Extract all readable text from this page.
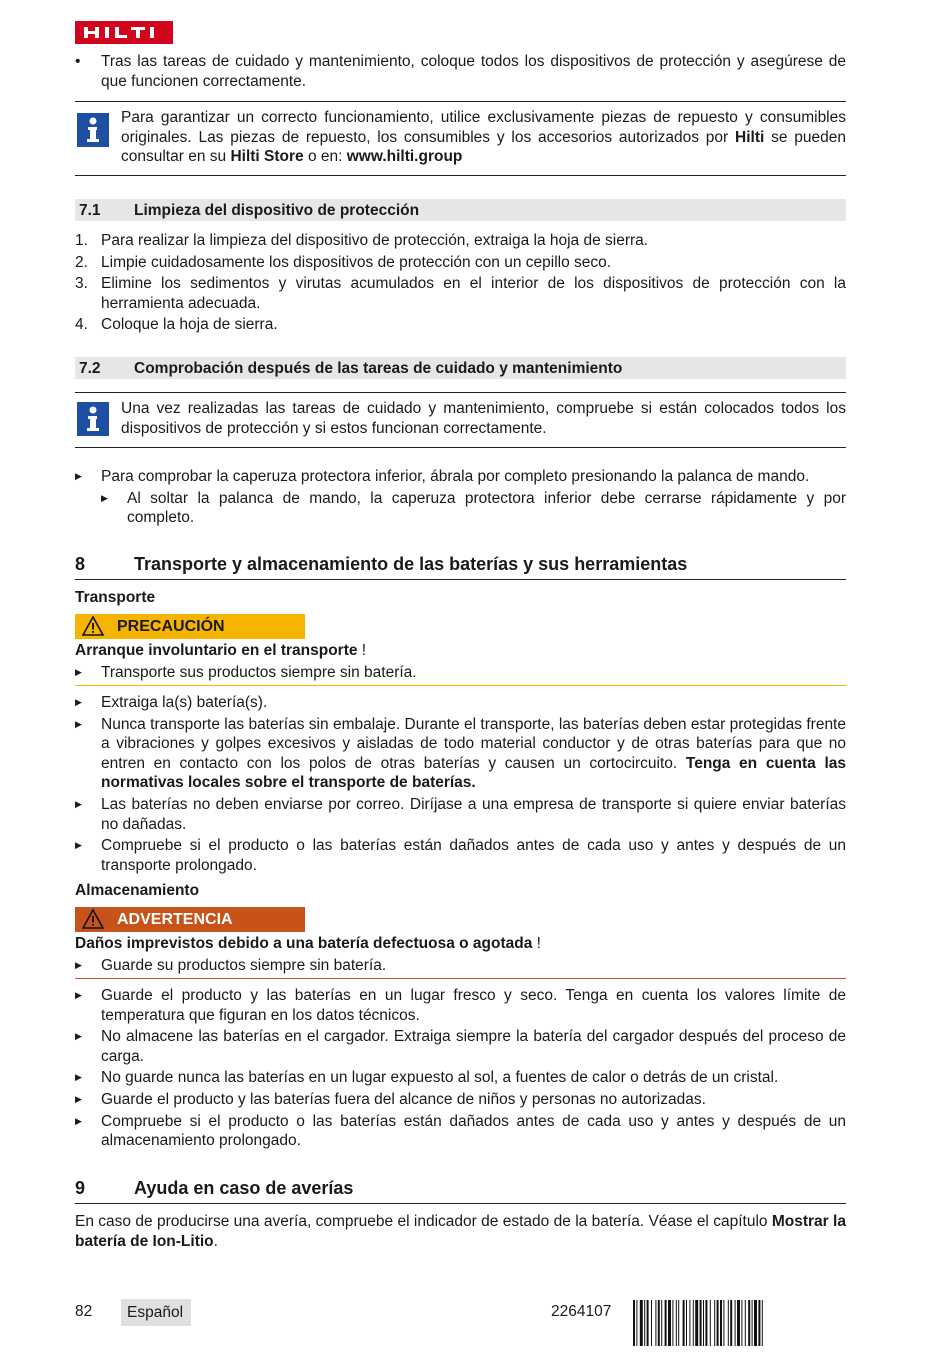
•	Tras las tareas de cuidado y mantenimiento, coloque todos los dispositivos de protección y asegúrese de que funcionen correctamente.
Para garantizar un correcto funcionamiento, utilice exclusivamente piezas de repuesto y consumibles originales. Las piezas de repuesto, los consumibles y los accesorios autorizados por Hilti se pueden consultar en su Hilti Store o en: www.hilti.group
7.1 Limpieza del dispositivo de protección
1. Para realizar la limpieza del dispositivo de protección, extraiga la hoja de sierra.
2. Limpie cuidadosamente los dispositivos de protección con un cepillo seco.
3. Elimine los sedimentos y virutas acumulados en el interior de los dispositivos de protección con la herramienta adecuada.
4. Coloque la hoja de sierra.
7.2 Comprobación después de las tareas de cuidado y mantenimiento
Una vez realizadas las tareas de cuidado y mantenimiento, compruebe si están colocados todos los dispositivos de protección y si estos funcionan correctamente.
▶	Para comprobar la caperuza protectora inferior, ábrala por completo presionando la palanca de mando.
▶	Al soltar la palanca de mando, la caperuza protectora inferior debe cerrarse rápidamente y por completo.
8	Transporte y almacenamiento de las baterías y sus herramientas
Transporte
PRECAUCIÓN
Arranque involuntario en el transporte !
▶	Transporte sus productos siempre sin batería.
▶	Extraiga la(s) batería(s).
▶	Nunca transporte las baterías sin embalaje. Durante el transporte, las baterías deben estar protegidas frente a vibraciones y golpes excesivos y aisladas de todo material conductor y de otras baterías para que no entren en contacto con los polos de otras baterías y causen un cortocircuito. Tenga en cuenta las normativas locales sobre el transporte de baterías.
▶	Las baterías no deben enviarse por correo. Diríjase a una empresa de transporte si quiere enviar baterías no dañadas.
▶	Compruebe si el producto o las baterías están dañados antes de cada uso y antes y después de un transporte prolongado.
Almacenamiento
ADVERTENCIA
Daños imprevistos debido a una batería defectuosa o agotada !
▶	Guarde su productos siempre sin batería.
▶	Guarde el producto y las baterías en un lugar fresco y seco. Tenga en cuenta los valores límite de temperatura que figuran en los datos técnicos.
▶	No almacene las baterías en el cargador. Extraiga siempre la batería del cargador después del proceso de carga.
▶	No guarde nunca las baterías en un lugar expuesto al sol, a fuentes de calor o detrás de un cristal.
▶	Guarde el producto y las baterías fuera del alcance de niños y personas no autorizadas.
▶	Compruebe si el producto o las baterías están dañados antes de cada uso y antes y después de un almacenamiento prolongado.
9	Ayuda en caso de averías
En caso de producirse una avería, compruebe el indicador de estado de la batería. Véase el capítulo Mostrar la batería de Ion-Litio.
82 Español	2264107
